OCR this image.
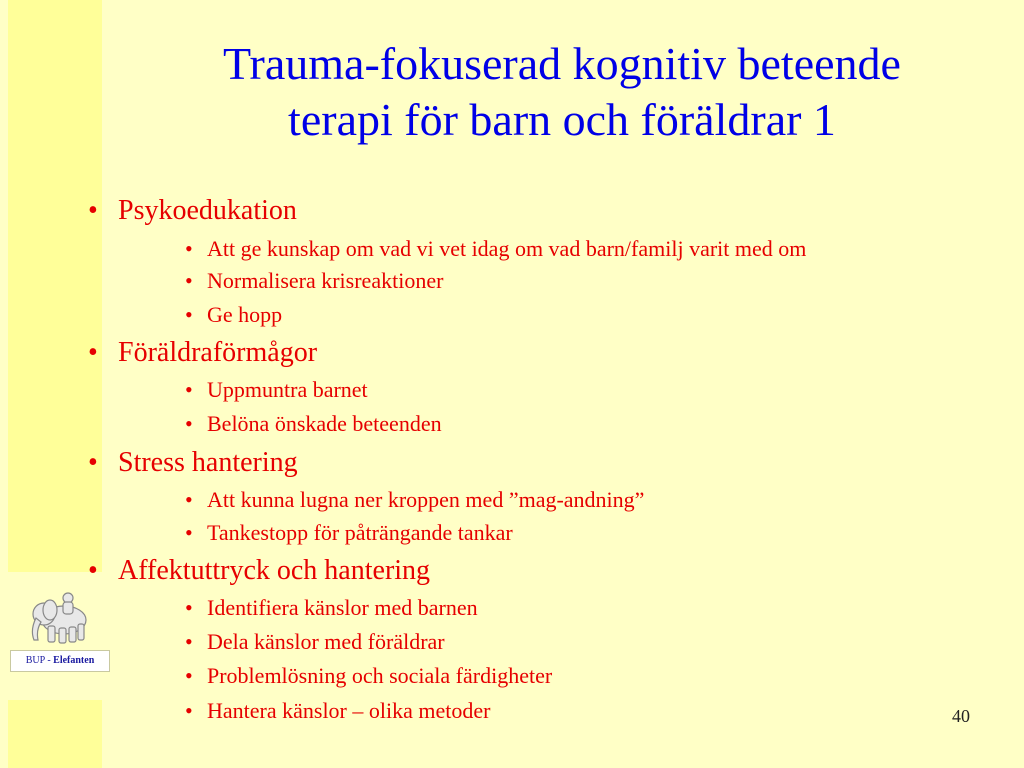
BUP - Elefanten
Trauma-fokuserad kognitiv beteende
terapi för barn och föräldrar 1
• Psykoedukation
• Att ge kunskap om vad vi vet idag om vad barn/familj varit med om
• Normalisera krisreaktioner
• Ge hopp
• Föräldraförmågor
• Uppmuntra barnet
• Belöna önskade beteenden
• Stress hantering
• Att kunna lugna ner kroppen med ”mag-andning”
• Tankestopp för påträngande tankar
• Affektuttryck och hantering
• Identifiera känslor med barnen
• Dela känslor med föräldrar
• Problemlösning och sociala färdigheter
• Hantera känslor – olika metoder	40
